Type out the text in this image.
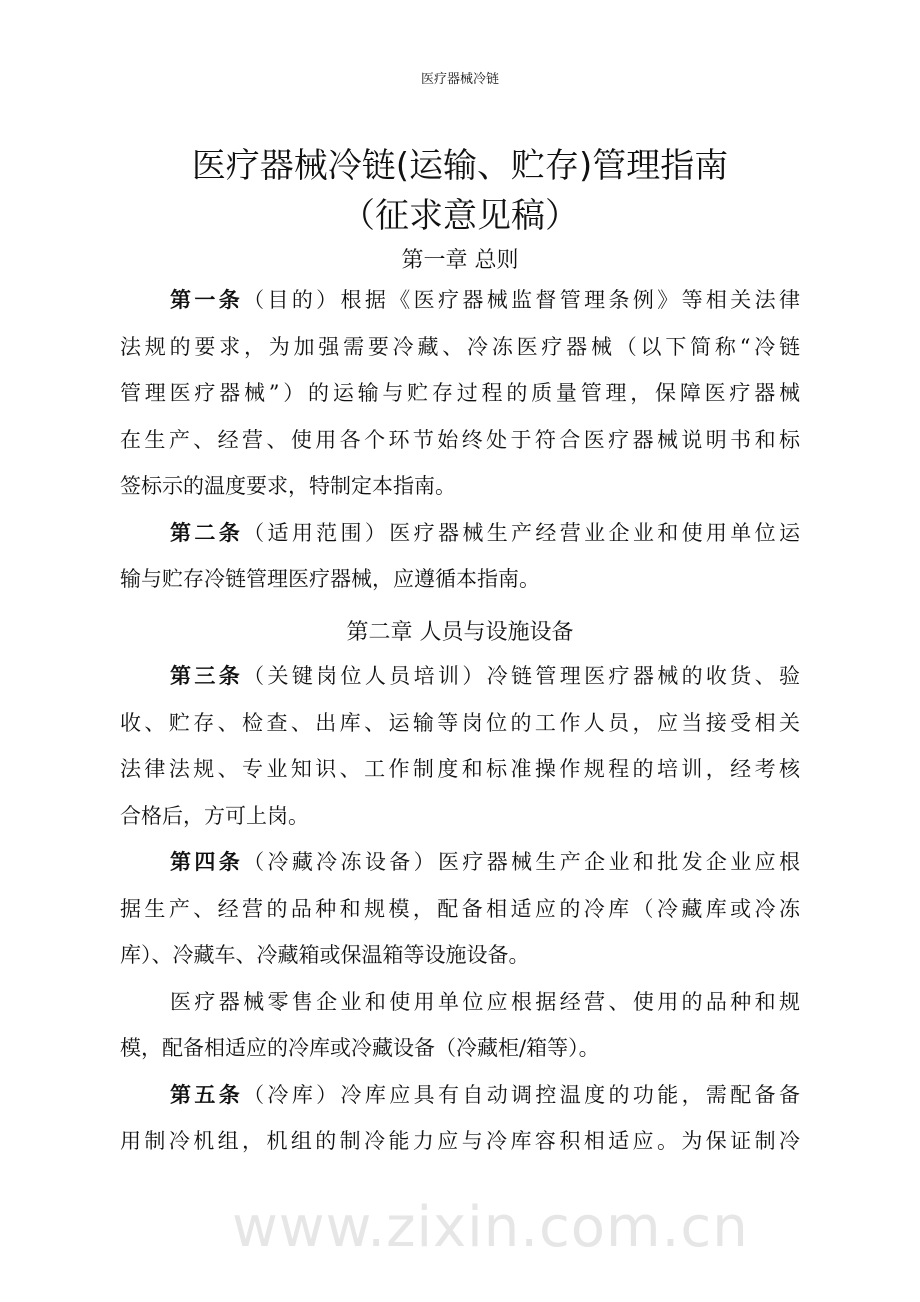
医疗器械冷链
医疗器械冷链(运输、贮存)管理指南
（征求意见稿）
第一章 总则
第一条（目的）根据《医疗器械监督管理条例》等相关法律
法规的要求，为加强需要冷藏、冷冻医疗器械（以下简称“冷链
管理医疗器械”）的运输与贮存过程的质量管理，保障医疗器械
在生产、经营、使用各个环节始终处于符合医疗器械说明书和标
签标示的温度要求，特制定本指南。
第二条（适用范围）医疗器械生产经营业企业和使用单位运
输与贮存冷链管理医疗器械，应遵循本指南。
第二章 人员与设施设备
第三条（关键岗位人员培训）冷链管理医疗器械的收货、验
收、贮存、检查、出库、运输等岗位的工作人员，应当接受相关
法律法规、专业知识、工作制度和标准操作规程的培训，经考核
合格后，方可上岗。
第四条（冷藏冷冻设备）医疗器械生产企业和批发企业应根
据生产、经营的品种和规模，配备相适应的冷库（冷藏库或冷冻
库）、冷藏车、冷藏箱或保温箱等设施设备。
医疗器械零售企业和使用单位应根据经营、使用的品种和规
模，配备相适应的冷库或冷藏设备（冷藏柜/箱等）。
第五条（冷库）冷库应具有自动调控温度的功能，需配备备
用制冷机组，机组的制冷能力应与冷库容积相适应。为保证制冷
www.zixin.com.cn
